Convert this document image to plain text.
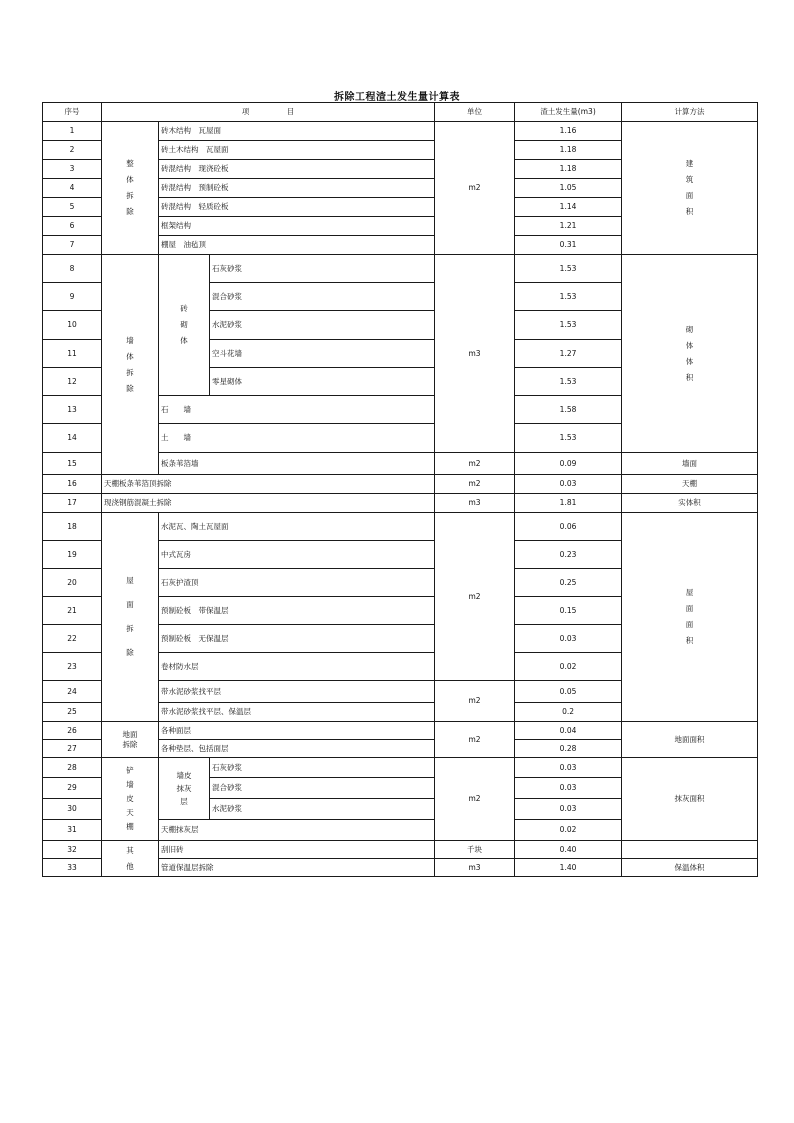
拆除工程渣土发生量计算表
序号	项　　　　　目			单位	渣土发生量(m3)	计算方法
1	整体拆除	砖木结构　瓦屋面		m2	1.16	建筑面积

2		砖土木结构　瓦屋面			1.18	
3		砖混结构　现浇砼板			1.18	
4		砖混结构　预制砼板			1.05	
5		砖混结构　轻质砼板			1.14	
6		框架结构			1.21	
7		棚屋　油毡顶			0.31	
8	墙体拆除	砖砌体	石灰砂浆	m3	1.53	砌体体积

9			混合砂浆		1.53	
10			水泥砂浆		1.53	
11			空斗花墙		1.27	
12			零星砌体		1.53	
13		石　　墙			1.58	
14		土　　墙			1.53	
15		板条苇箔墙		m2	0.09	墙面
16	天棚板条苇箔顶拆除			m2	0.03	天棚
17	现浇钢筋混凝土拆除			m3	1.81	实体积
18	屋面拆除	水泥瓦、陶土瓦屋面		m2	0.06	屋面面积

19		中式瓦房			0.23	
20		石灰护渣顶			0.25	
21		预制砼板　带保温层			0.15	
22		预制砼板　无保温层			0.03	
23		卷材防水层			0.02	
24		带水泥砂浆找平层		m2	0.05	
25		带水泥砂浆找平层、保温层			0.2	
26	地面拆除	各种面层		m2	0.04	地面面积
27		各种垫层、包括面层			0.28	
28	铲墙皮天棚	墙皮抹灰层	石灰砂浆	m2	0.03	抹灰面积
29			混合砂浆		0.03	
30			水泥砂浆		0.03	
31		天棚抹灰层			0.02	
32	其他	刮旧砖		千块	0.40	
33		管道保温层拆除		m3	1.40	保温体积
